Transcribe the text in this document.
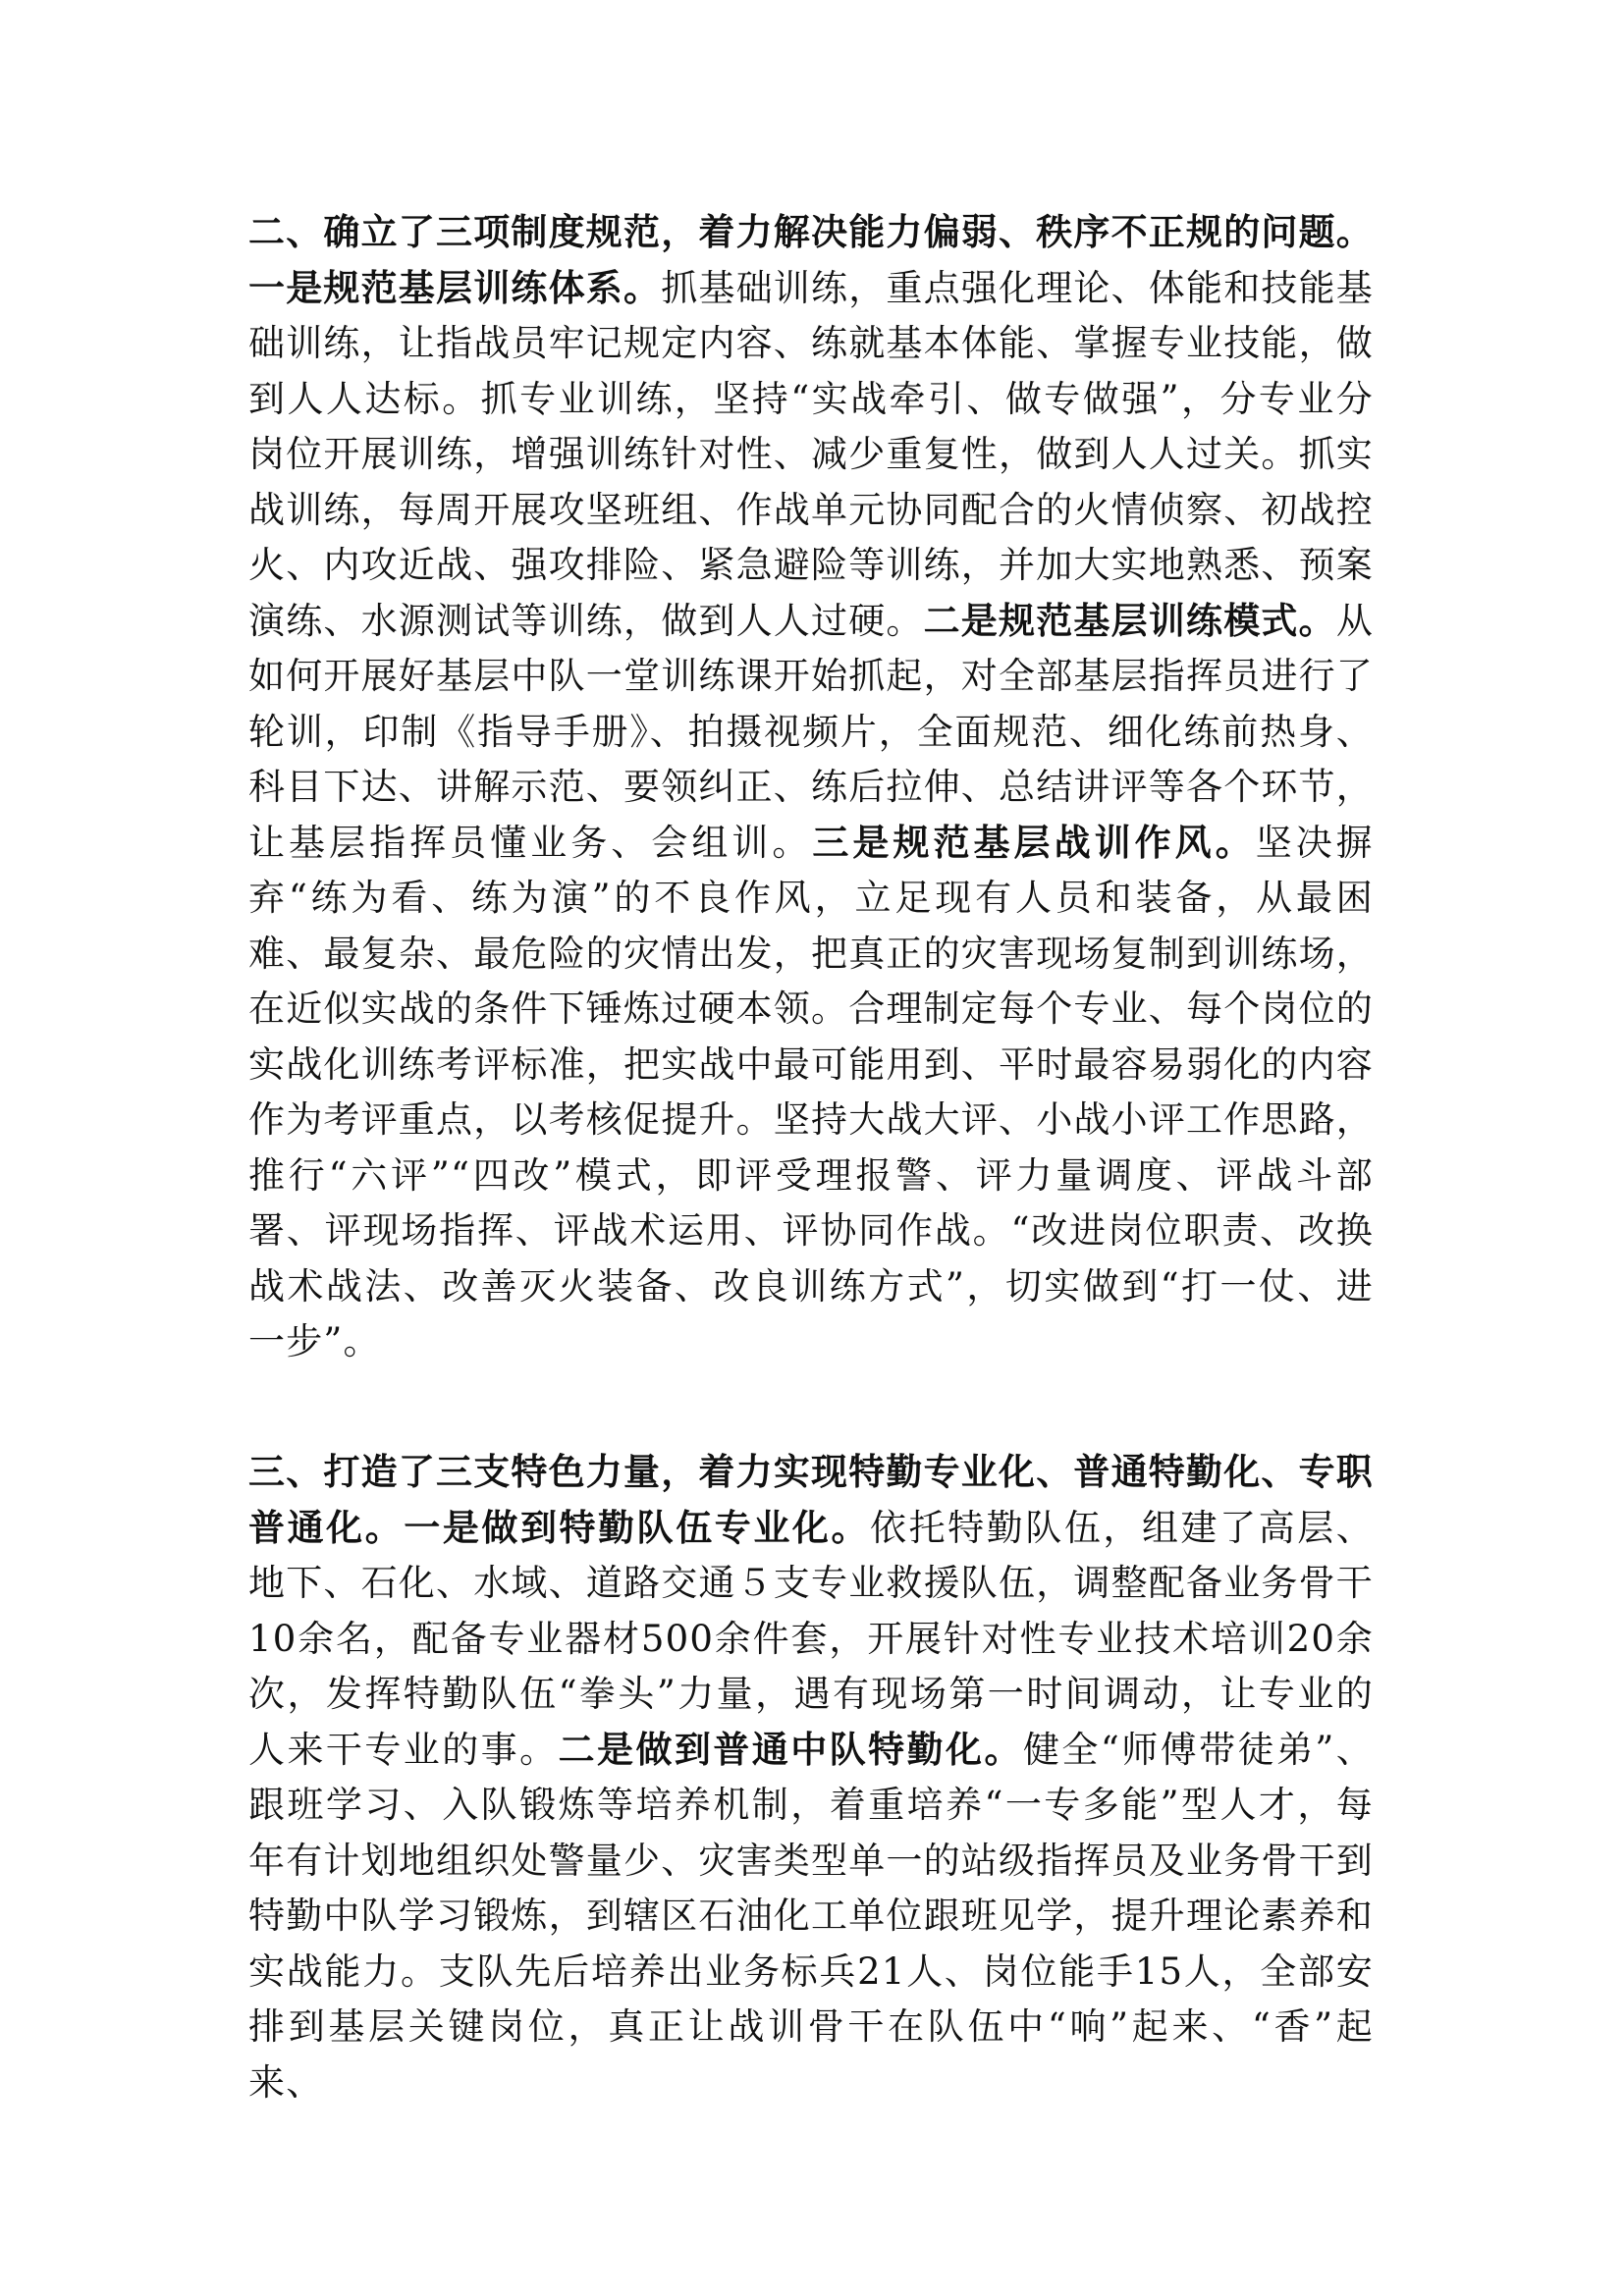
二、确立了三项制度规范，着力解决能力偏弱、秩序不正规的问题。
一是规范基层训练体系。抓基础训练，重点强化理论、体能和技能基础训练，让指战员牢记规定内容、练就基本体能、掌握专业技能，做到人人达标。抓专业训练，坚持“实战牵引、做专做强”，分专业分岗位开展训练，增强训练针对性、减少重复性，做到人人过关。抓实战训练，每周开展攻坚班组、作战单元协同配合的火情侦察、初战控火、内攻近战、强攻排险、紧急避险等训练，并加大实地熟悉、预案演练、水源测试等训练，做到人人过硬。二是规范基层训练模式。从如何开展好基层中队一堂训练课开始抓起，对全部基层指挥员进行了轮训，印制《指导手册》、拍摄视频片，全面规范、细化练前热身、科目下达、讲解示范、要领纠正、练后拉伸、总结讲评等各个环节，让基层指挥员懂业务、会组训。三是规范基层战训作风。坚决摒弃“练为看、练为演”的不良作风，立足现有人员和装备，从最困难、最复杂、最危险的灾情出发，把真正的灾害现场复制到训练场，在近似实战的条件下锤炼过硬本领。合理制定每个专业、每个岗位的实战化训练考评标准，把实战中最可能用到、平时最容易弱化的内容作为考评重点，以考核促提升。坚持大战大评、小战小评工作思路，推行“六评”“四改”模式，即评受理报警、评力量调度、评战斗部署、评现场指挥、评战术运用、评协同作战。“改进岗位职责、改换战术战法、改善灭火装备、改良训练方式”，切实做到“打一仗、进一步”。
三、打造了三支特色力量，着力实现特勤专业化、普通特勤化、专职普通化。一是做到特勤队伍专业化。依托特勤队伍，组建了高层、地下、石化、水域、道路交通５支专业救援队伍，调整配备业务骨干10余名，配备专业器材500余件套，开展针对性专业技术培训20余次，发挥特勤队伍“拳头”力量，遇有现场第一时间调动，让专业的人来干专业的事。二是做到普通中队特勤化。健全“师傅带徒弟”、跟班学习、入队锻炼等培养机制，着重培养“一专多能”型人才，每年有计划地组织处警量少、灾害类型单一的站级指挥员及业务骨干到特勤中队学习锻炼，到辖区石油化工单位跟班见学，提升理论素养和实战能力。支队先后培养出业务标兵21人、岗位能手15人，全部安排到基层关键岗位，真正让战训骨干在队伍中“响”起来、“香”起来、
